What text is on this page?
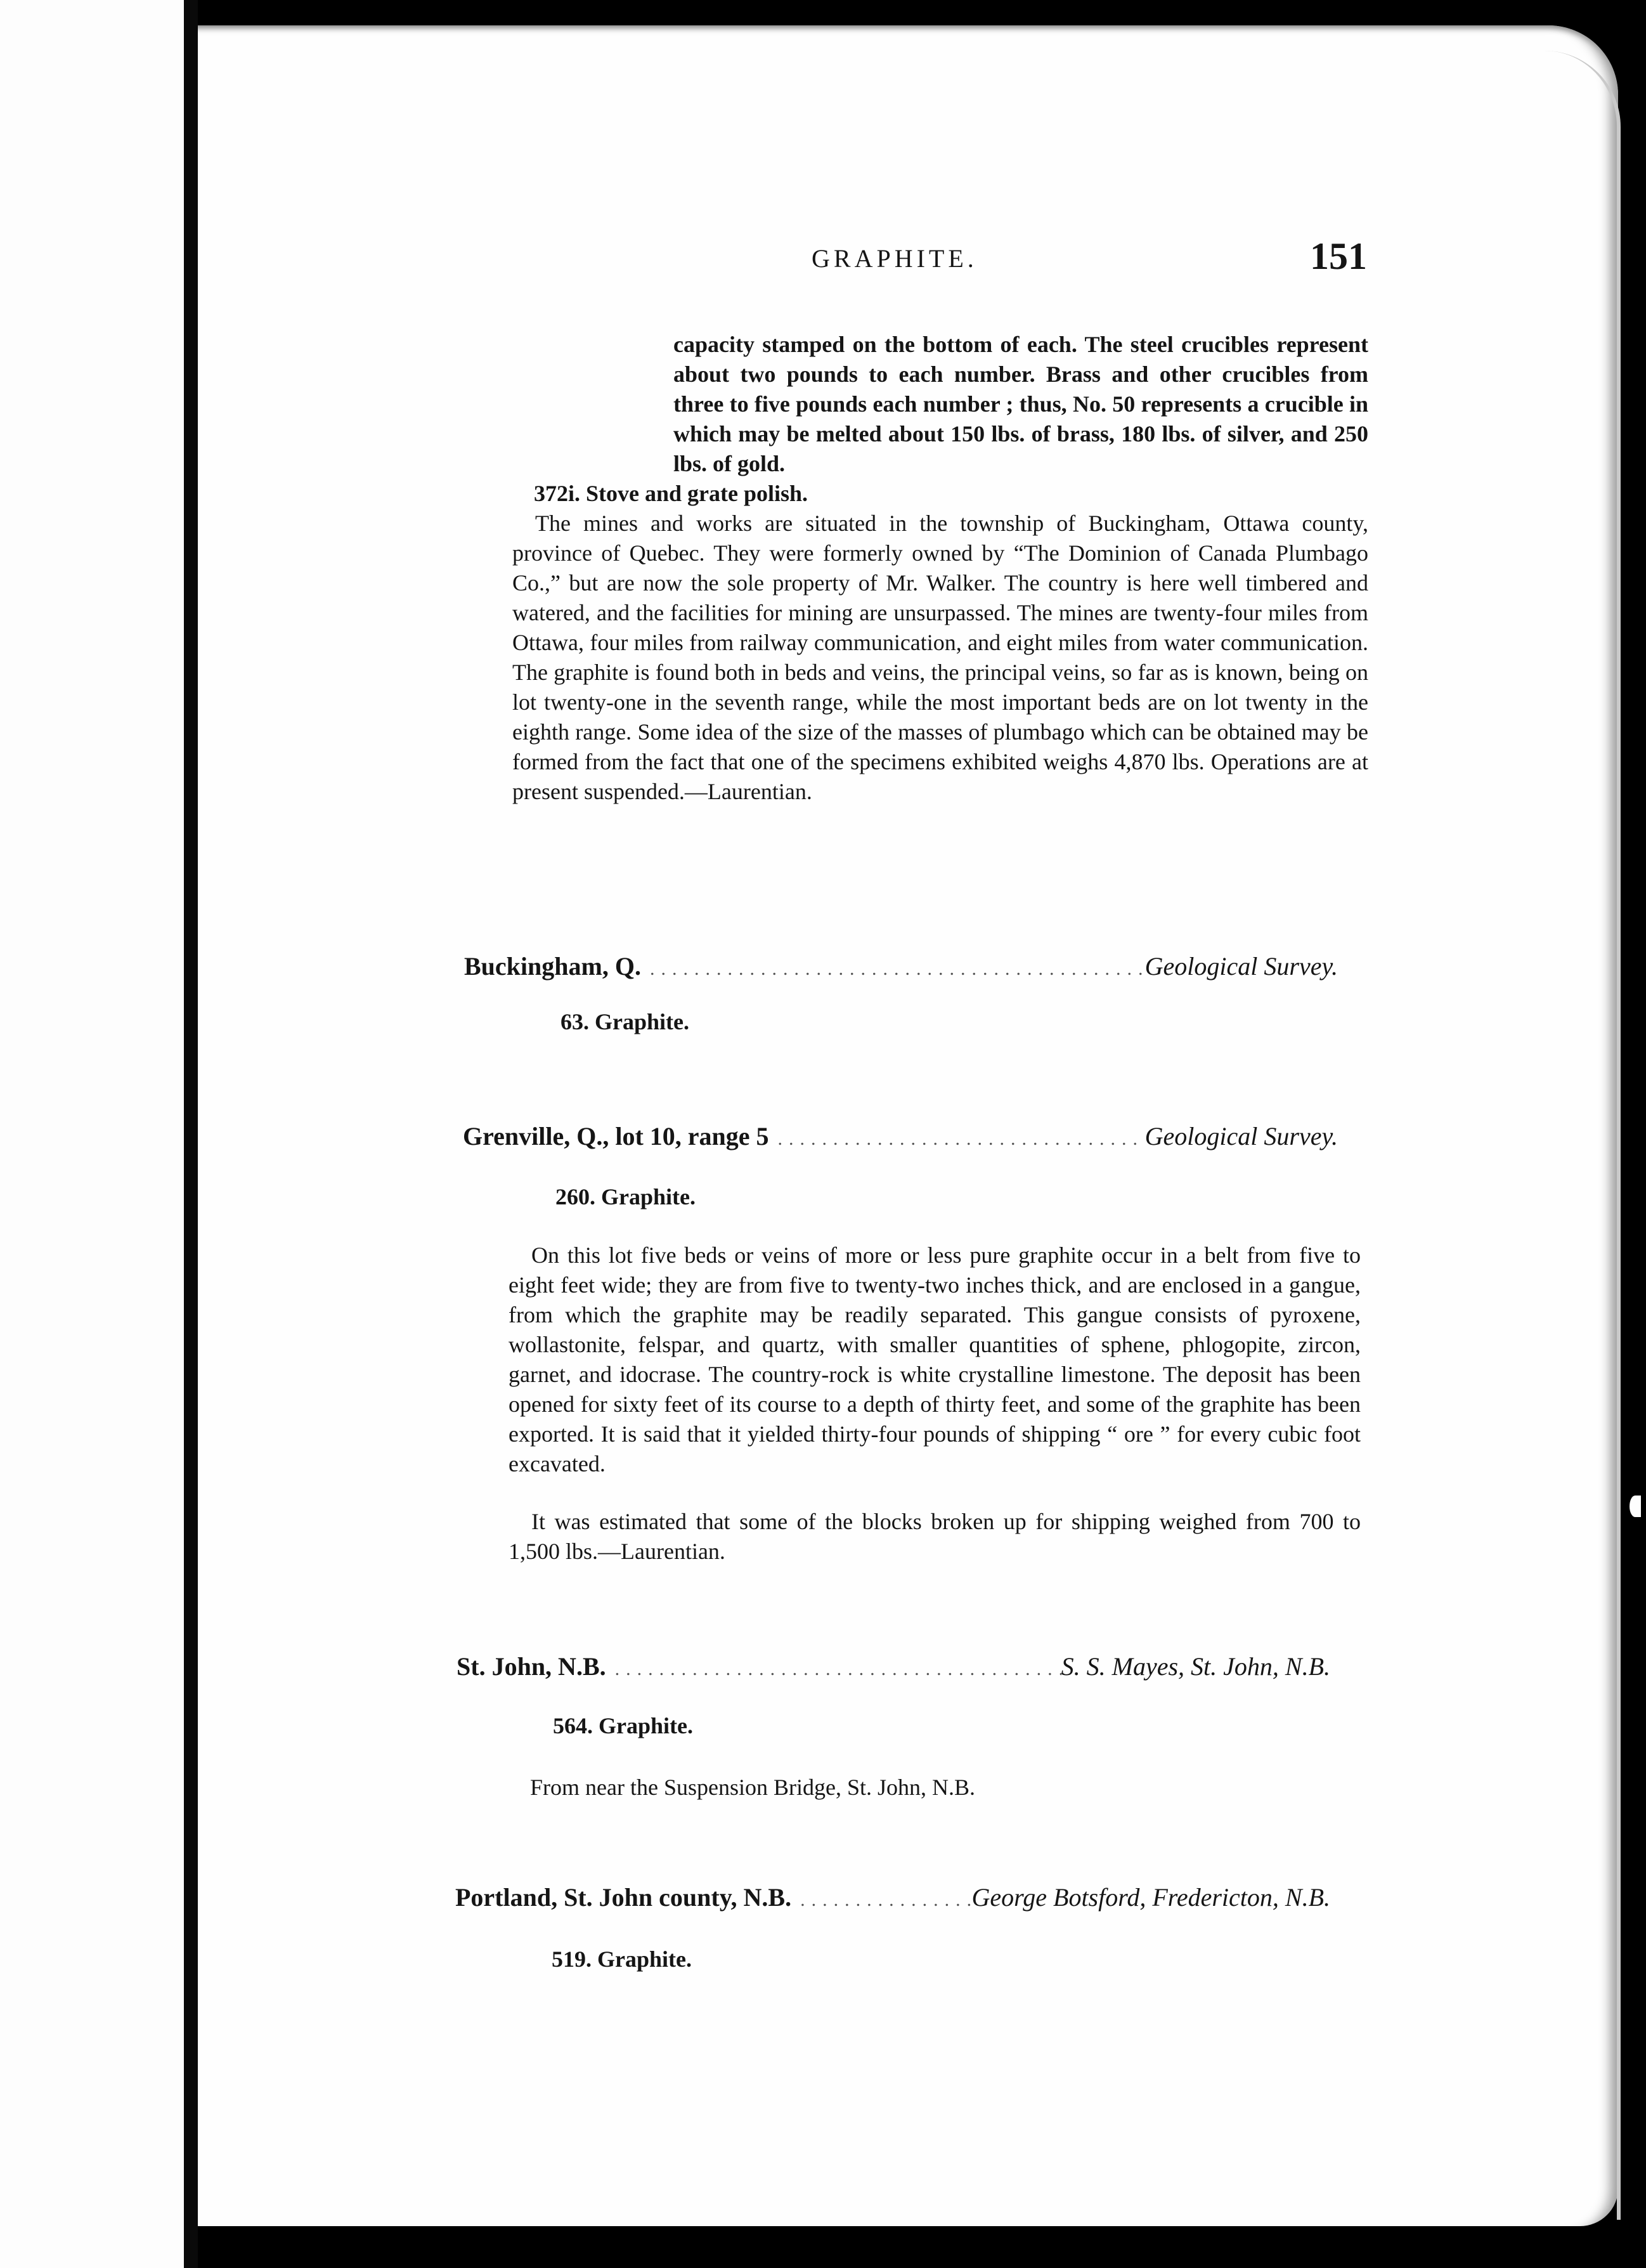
GRAPHITE.	151

capacity stamped on the bottom of each. The steel crucibles represent about two pounds to each number. Brass and other crucibles from three to five pounds each number ; thus, No. 50 represents a crucible in which may be melted about 150 lbs. of brass, 180 lbs. of silver, and 250 lbs. of gold.

372i. Stove and grate polish.

The mines and works are situated in the township of Buckingham, Ottawa county, province of Quebec. They were formerly owned by “The Dominion of Canada Plumbago Co.,” but are now the sole property of Mr. Walker. The country is here well timbered and watered, and the facilities for mining are unsurpassed. The mines are twenty-four miles from Ottawa, four miles from railway communication, and eight miles from water communication. The graphite is found both in beds and veins, the principal veins, so far as is known, being on lot twenty-one in the seventh range, while the most important beds are on lot twenty in the eighth range. Some idea of the size of the masses of plumbago which can be obtained may be formed from the fact that one of the specimens exhibited weighs 4,870 lbs. Operations are at present suspended.—Laurentian.

Buckingham, Q. .....	Geological Survey.
63. Graphite.
Grenville, Q., lot 10, range 5 .....	Geological Survey.
260. Graphite.

On this lot five beds or veins of more or less pure graphite occur in a belt from five to eight feet wide; they are from five to twenty-two inches thick, and are enclosed in a gangue, from which the graphite may be readily separated. This gangue consists of pyroxene, wollastonite, felspar, and quartz, with smaller quantities of sphene, phlogopite, zircon, garnet, and idocrase. The country-rock is white crystalline limestone. The deposit has been opened for sixty feet of its course to a depth of thirty feet, and some of the graphite has been exported. It is said that it yielded thirty-four pounds of shipping “ ore ” for every cubic foot excavated.

It was estimated that some of the blocks broken up for shipping weighed from 700 to 1,500 lbs.—Laurentian.

St. John, N.B. .....	S. S. Mayes, St. John, N.B.
564. Graphite.

From near the Suspension Bridge, St. John, N.B.

Portland, St. John county, N.B. .....	George Botsford, Fredericton, N.B.
519. Graphite.
